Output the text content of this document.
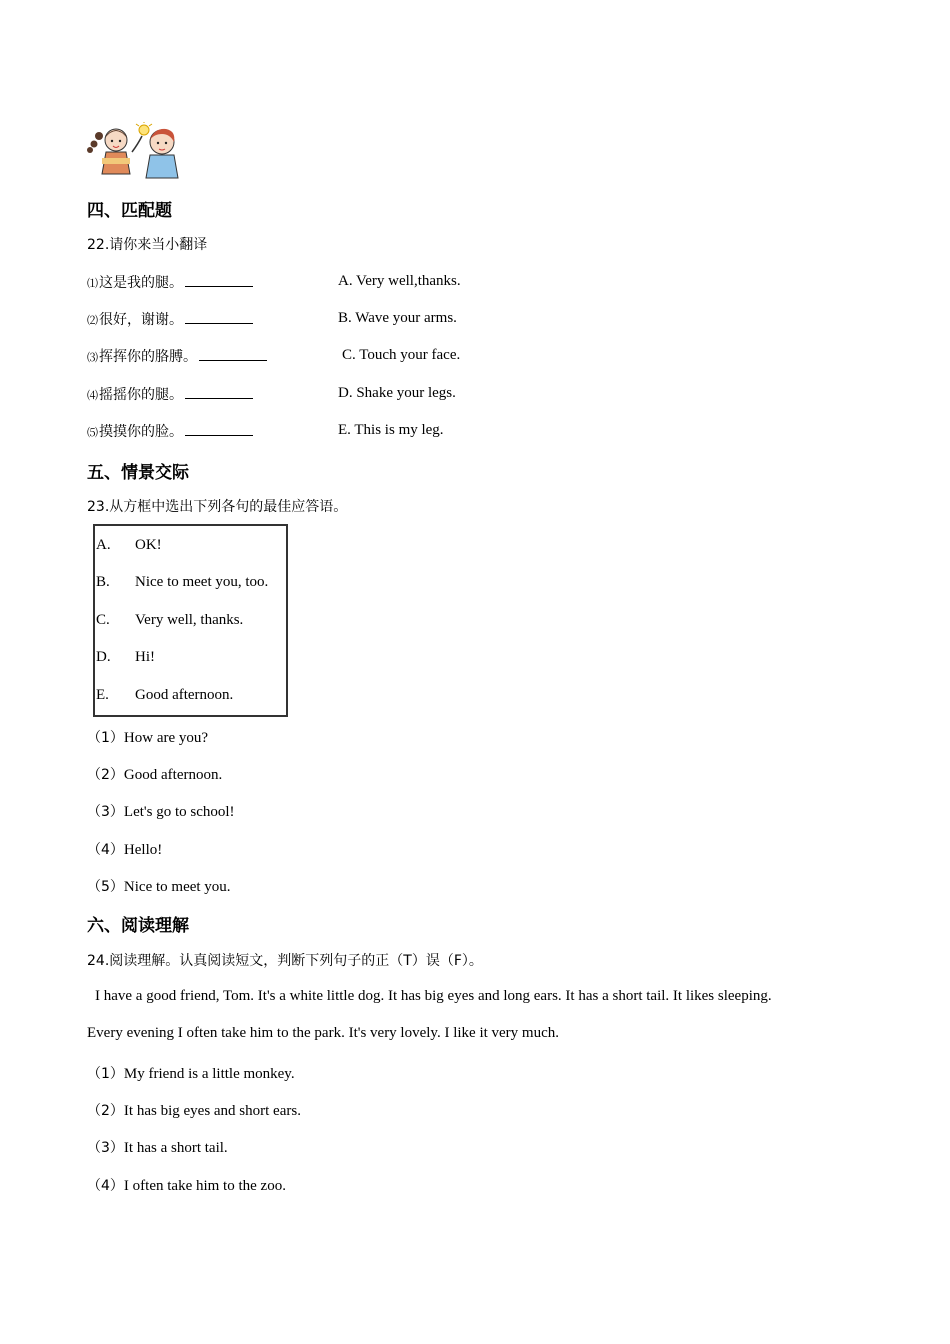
四、匹配题
22.请你来当小翻译
⑴这是我的腿。	A. Very well,thanks.
⑵很好，谢谢。	B. Wave your arms.
⑶挥挥你的胳膊。	C. Touch your face.
⑷摇摇你的腿。	D. Shake your legs.
⑸摸摸你的脸。	E. This is my leg.
五、情景交际
23.从方框中选出下列各句的最佳应答语。
A. OK!
B. Nice to meet you, too.
C. Very well, thanks.
D. Hi!
E. Good afternoon.
（1）How are you?
（2）Good afternoon.
（3）Let's go to school!
（4）Hello!
（5）Nice to meet you.
六、阅读理解
24.阅读理解。认真阅读短文，判断下列句子的正（T）误（F）。
I have a good friend, Tom. It's a white little dog. It has big eyes and long ears. It has a short tail. It likes sleeping.
Every evening I often take him to the park. It's very lovely. I like it very much.
（1）My friend is a little monkey.
（2）It has big eyes and short ears.
（3）It has a short tail.
（4）I often take him to the zoo.
